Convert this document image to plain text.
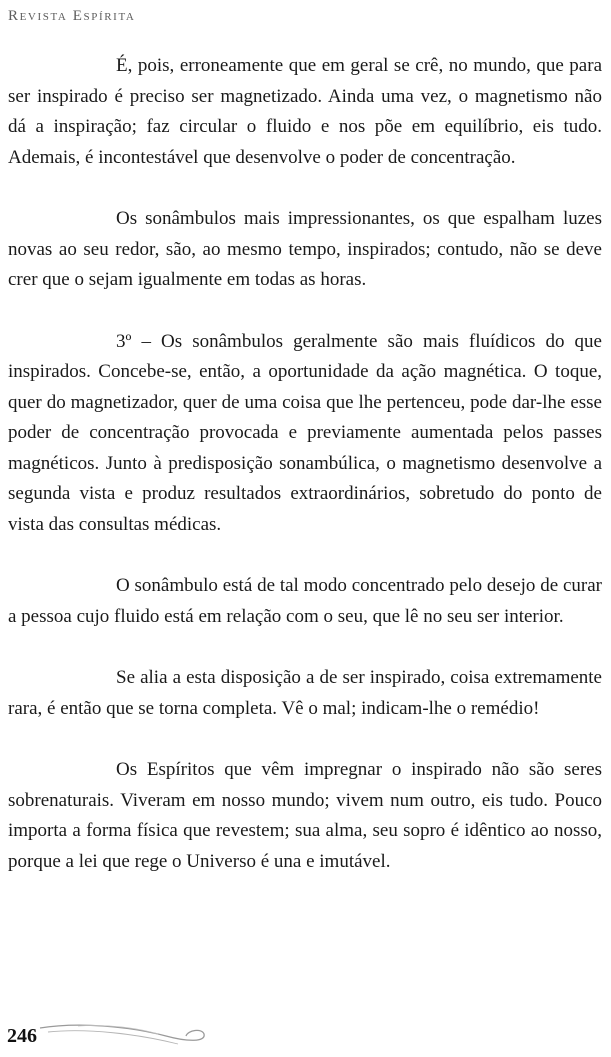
Revista Espírita

É, pois, erroneamente que em geral se crê, no mundo, que para ser inspirado é preciso ser magnetizado. Ainda uma vez, o magnetismo não dá a inspiração; faz circular o fluido e nos põe em equilíbrio, eis tudo. Ademais, é incontestável que desenvolve o poder de concentração.

Os sonâmbulos mais impressionantes, os que espalham luzes novas ao seu redor, são, ao mesmo tempo, inspirados; contudo, não se deve crer que o sejam igualmente em todas as horas.

3º – Os sonâmbulos geralmente são mais fluídicos do que inspirados. Concebe-se, então, a oportunidade da ação magnética. O toque, quer do magnetizador, quer de uma coisa que lhe pertenceu, pode dar-lhe esse poder de concentração provocada e previamente aumentada pelos passes magnéticos. Junto à predisposição sonambúlica, o magnetismo desenvolve a segunda vista e produz resultados extraordinários, sobretudo do ponto de vista das consultas médicas.

O sonâmbulo está de tal modo concentrado pelo desejo de curar a pessoa cujo fluido está em relação com o seu, que lê no seu ser interior.

Se alia a esta disposição a de ser inspirado, coisa extremamente rara, é então que se torna completa. Vê o mal; indicam-lhe o remédio!

Os Espíritos que vêm impregnar o inspirado não são seres sobrenaturais. Viveram em nosso mundo; vivem num outro, eis tudo. Pouco importa a forma física que revestem; sua alma, seu sopro é idêntico ao nosso, porque a lei que rege o Universo é una e imutável.

246
